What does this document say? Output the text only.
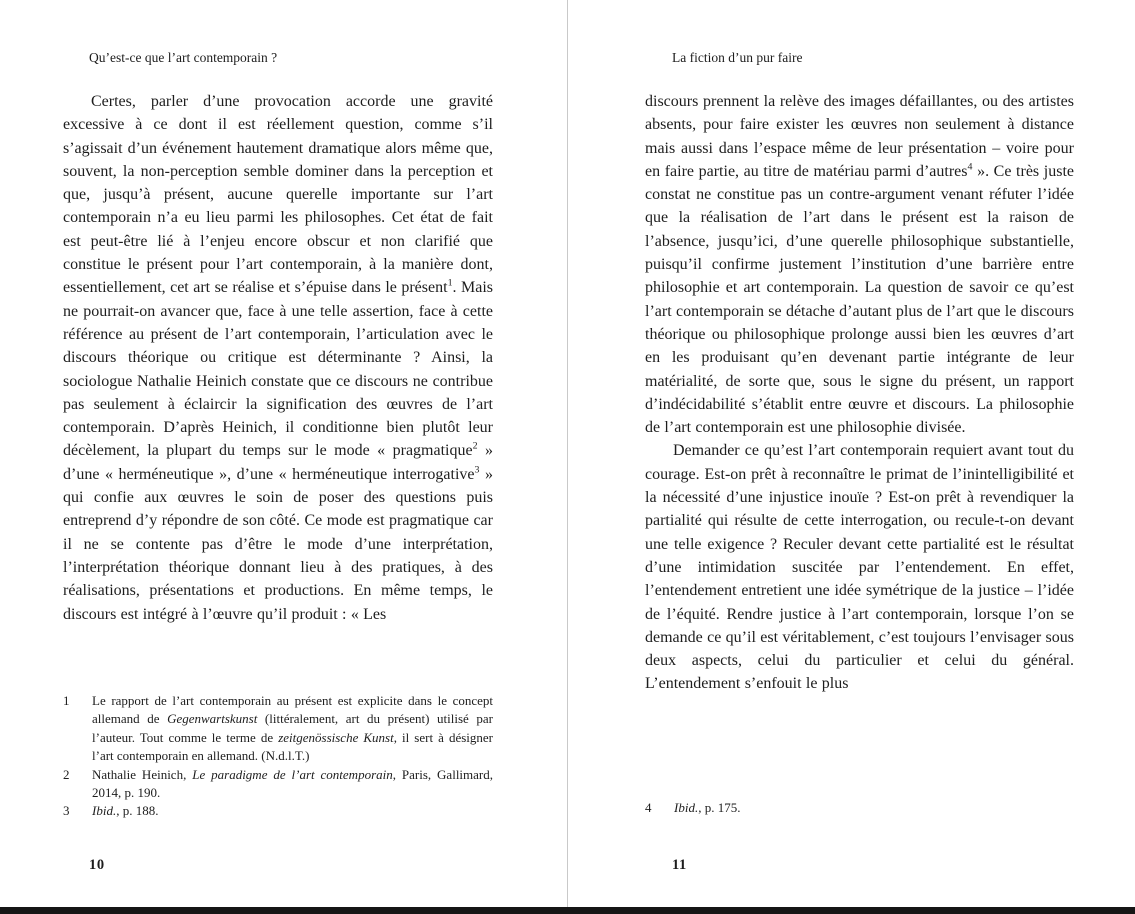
Qu’est-ce que l’art contemporain ?

Certes, parler d’une provocation accorde une gravité excessive à ce dont il est réellement question, comme s’il s’agissait d’un événement hautement dramatique alors même que, souvent, la non-perception semble dominer dans la perception et que, jusqu’à présent, aucune querelle importante sur l’art contemporain n’a eu lieu parmi les philosophes. Cet état de fait est peut-être lié à l’enjeu encore obscur et non clarifié que constitue le présent pour l’art contemporain, à la manière dont, essentiellement, cet art se réalise et s’épuise dans le présent$^1$. Mais ne pourrait-on avancer que, face à une telle assertion, face à cette référence au présent de l’art contemporain, l’articulation avec le discours théorique ou critique est déterminante ? Ainsi, la sociologue Nathalie Heinich constate que ce discours ne contribue pas seulement à éclaircir la signification des œuvres de l’art contemporain. D’après Heinich, il conditionne bien plutôt leur décèlement, la plupart du temps sur le mode « pragmatique$^2$ » d’une « herméneutique », d’une « herméneutique interrogative$^3$ » qui confie aux œuvres le soin de poser des questions puis entreprend d’y répondre de son côté. Ce mode est pragmatique car il ne se contente pas d’être le mode d’une interprétation, l’interprétation théorique donnant lieu à des pratiques, à des réalisations, présentations et productions. En même temps, le discours est intégré à l’œuvre qu’il produit : « Les

1	Le rapport de l’art contemporain au présent est explicite dans le concept allemand de Gegenwartskunst (littéralement, art du présent) utilisé par l’auteur. Tout comme le terme de zeitgenössische Kunst, il sert à désigner l’art contemporain en allemand. (N.d.l.T.)
2	Nathalie Heinich, Le paradigme de l’art contemporain, Paris, Gallimard, 2014, p. 190.
3	Ibid., p. 188.
10
La fiction d’un pur faire

discours prennent la relève des images défaillantes, ou des artistes absents, pour faire exister les œuvres non seulement à distance mais aussi dans l’espace même de leur présentation – voire pour en faire partie, au titre de matériau parmi d’autres$^4$ ». Ce très juste constat ne constitue pas un contre-argument venant réfuter l’idée que la réalisation de l’art dans le présent est la raison de l’absence, jusqu’ici, d’une querelle philosophique substantielle, puisqu’il confirme justement l’institution d’une barrière entre philosophie et art contemporain. La question de savoir ce qu’est l’art contemporain se détache d’autant plus de l’art que le discours théorique ou philosophique prolonge aussi bien les œuvres d’art en les produisant qu’en devenant partie intégrante de leur matérialité, de sorte que, sous le signe du présent, un rapport d’indécidabilité s’établit entre œuvre et discours. La philosophie de l’art contemporain est une philosophie divisée.

Demander ce qu’est l’art contemporain requiert avant tout du courage. Est-on prêt à reconnaître le primat de l’inintelligibilité et la nécessité d’une injustice inouïe ? Est-on prêt à revendiquer la partialité qui résulte de cette interrogation, ou recule-t-on devant une telle exigence ? Reculer devant cette partialité est le résultat d’une intimidation suscitée par l’entendement. En effet, l’entendement entretient une idée symétrique de la justice – l’idée de l’équité. Rendre justice à l’art contemporain, lorsque l’on se demande ce qu’il est véritablement, c’est toujours l’envisager sous deux aspects, celui du particulier et celui du général. L’entendement s’enfouit le plus

4	Ibid., p. 175.
11
